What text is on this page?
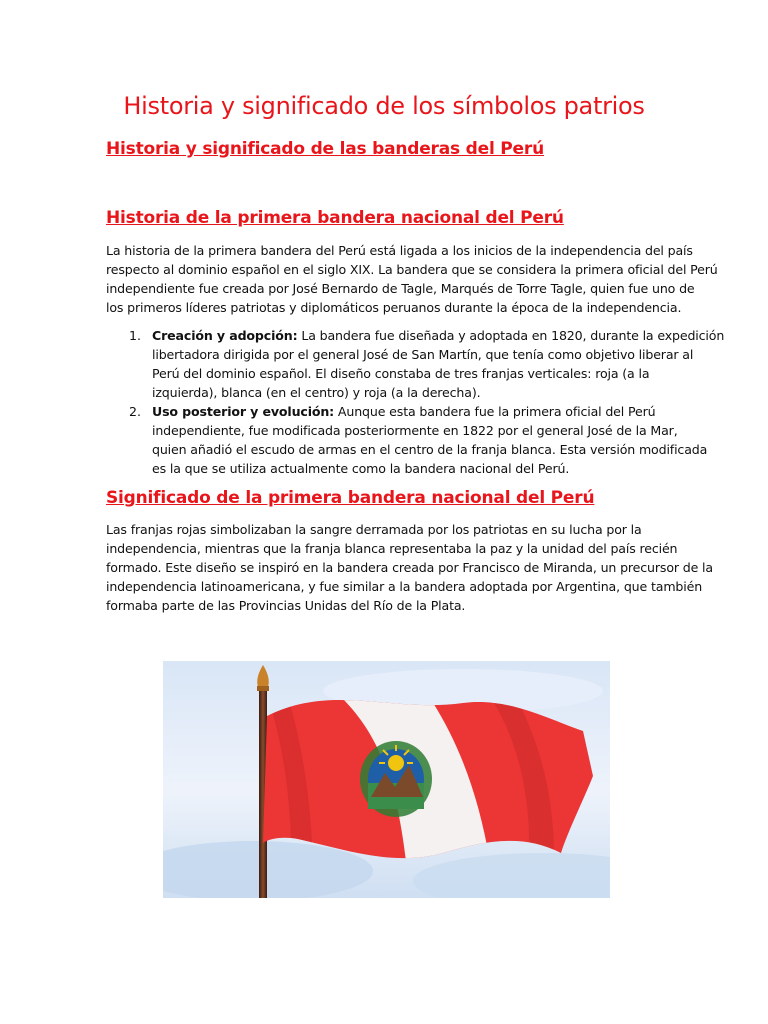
Historia y significado de los símbolos patrios
Historia y significado de las banderas del Perú
Historia de la primera bandera nacional del Perú
La historia de la primera bandera del Perú está ligada a los inicios de la independencia del país
respecto al dominio español en el siglo XIX. La bandera que se considera la primera oficial del Perú
independiente fue creada por José Bernardo de Tagle, Marqués de Torre Tagle, quien fue uno de
los primeros líderes patriotas y diplomáticos peruanos durante la época de la independencia.
1. Creación y adopción: La bandera fue diseñada y adoptada en 1820, durante la expedición
libertadora dirigida por el general José de San Martín, que tenía como objetivo liberar al
Perú del dominio español. El diseño constaba de tres franjas verticales: roja (a la
izquierda), blanca (en el centro) y roja (a la derecha).
2. Uso posterior y evolución: Aunque esta bandera fue la primera oficial del Perú
independiente, fue modificada posteriormente en 1822 por el general José de la Mar,
quien añadió el escudo de armas en el centro de la franja blanca. Esta versión modificada
es la que se utiliza actualmente como la bandera nacional del Perú.
Significado de la primera bandera nacional del Perú
Las franjas rojas simbolizaban la sangre derramada por los patriotas en su lucha por la
independencia, mientras que la franja blanca representaba la paz y la unidad del país recién
formado. Este diseño se inspiró en la bandera creada por Francisco de Miranda, un precursor de la
independencia latinoamericana, y fue similar a la bandera adoptada por Argentina, que también
formaba parte de las Provincias Unidas del Río de la Plata.
